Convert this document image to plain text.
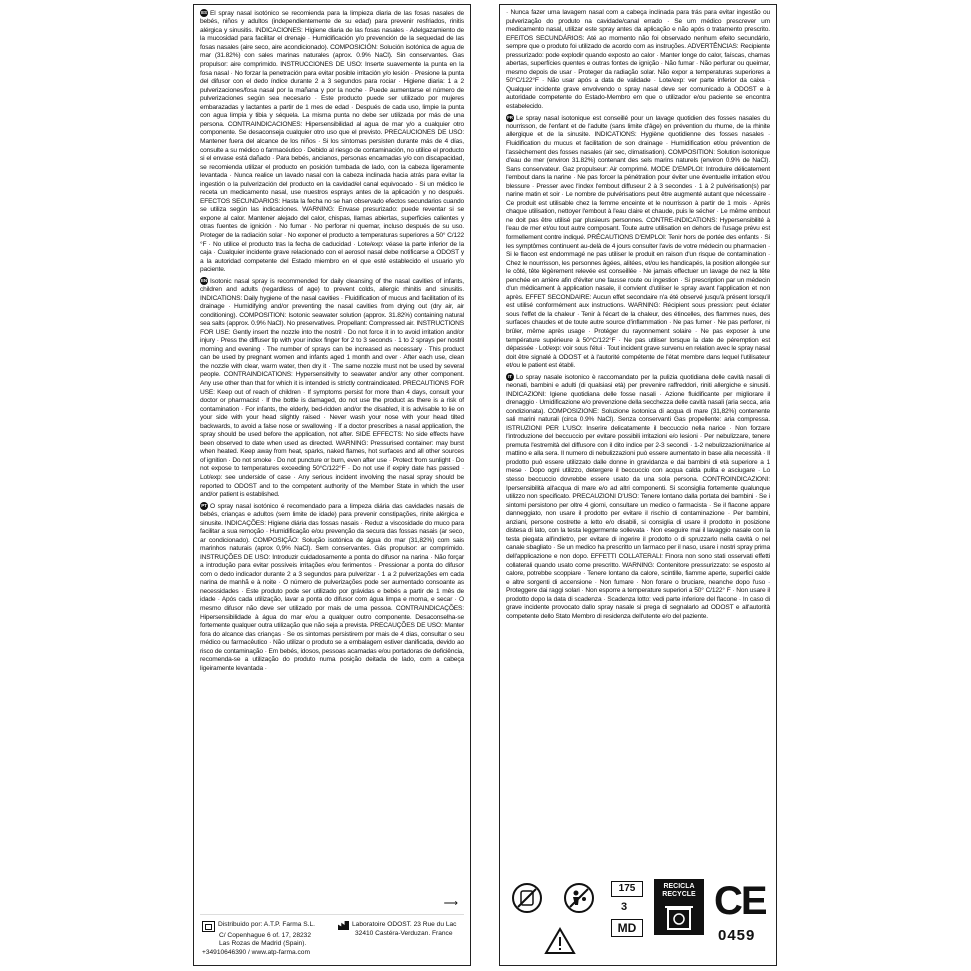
ES El spray nasal isotónico se recomienda para la limpieza diaria de las fosas nasales de bebés, niños y adultos (independientemente de su edad) para prevenir resfriados, rinitis alérgica y sinusitis. INDICACIONES: Higiene diaria de las fosas nasales · Adelgazamiento de la mucosidad para facilitar el drenaje · Humidificación y/o prevención de la sequedad de las fosas nasales (aire seco, aire acondicionado). COMPOSICIÓN: Solución isotónica de agua de mar (31.82%) con sales marinas naturales (aprox. 0.9% NaCl). Sin conservantes. Gas propulsor: aire comprimido. INSTRUCCIONES DE USO: Inserte suavemente la punta en la fosa nasal · No forzar la penetración para evitar posible irritación y/o lesión · Presione la punta del difusor con el dedo índice durante 2 a 3 segundos para rociar · Higiene diaria: 1 a 2 pulverizaciones/fosa nasal por la mañana y por la noche · Puede aumentarse el número de pulverizaciones según sea necesario · Este producto puede ser utilizado por mujeres embarazadas y lactantes a partir de 1 mes de edad · Después de cada uso, limpie la punta con agua limpia y tibia y séquela. La misma punta no debe ser utilizada por más de una persona. CONTRAINDICACIONES: Hipersensibilidad al agua de mar y/o a cualquier otro componente. Se desaconseja cualquier otro uso que el previsto. PRECAUCIONES DE USO: Mantener fuera del alcance de los niños · Si los síntomas persisten durante más de 4 días, consulte a su médico o farmacéutico · Debido al riesgo de contaminación, no utilice el producto si el envase está dañado · Para bebés, ancianos, personas encamadas y/o con discapacidad, se recomienda utilizar el producto en posición tumbada de lado, con la cabeza ligeramente levantada · Nunca realice un lavado nasal con la cabeza inclinada hacia atrás para evitar la ingestión o la pulverización del producto en la cavidad/el canal equivocado · Si un médico le receta un medicamento nasal, use nuestros esprays antes de la aplicación y no después. EFECTOS SECUNDARIOS: Hasta la fecha no se han observado efectos secundarios cuando se utiliza según las indicaciones. WARNING: Envase presurizado: puede reventar si se expone al calor. Mantener alejado del calor, chispas, llamas abiertas, superficies calientes y otras fuentes de ignición · No fumar · No perforar ni quemar, incluso después de su uso. Proteger de la radiación solar · No exponer el producto a temperaturas superiores a 50° C/122 °F · No utilice el producto tras la fecha de caducidad · Lote/exp: véase la parte inferior de la caja · Cualquier incidente grave relacionado con el aerosol nasal debe notificarse a ODOST y a la autoridad competente del Estado miembro en el que esté establecido el usuario y/o paciente.

EN Isotonic nasal spray is recommended for daily cleansing of the nasal cavities of infants, children and adults (regardless of age) to prevent colds, allergic rhinitis and sinusitis. INDICATIONS: Daily hygiene of the nasal cavities · Fluidification of mucus and facilitation of its drainage · Humidifying and/or preventing the nasal cavities from drying out (dry air, air conditioning). COMPOSITION: Isotonic seawater solution (approx. 31.82%) containing natural sea salts (approx. 0.9% NaCl). No preservatives. Propellant: Compressed air. INSTRUCTIONS FOR USE: Gently insert the nozzle into the nostril · Do not force it in to avoid irritation and/or injury · Press the diffuser tip with your index finger for 2 to 3 seconds · 1 to 2 sprays per nostril morning and evening · The number of sprays can be increased as necessary · This product can be used by pregnant women and infants aged 1 month and over · After each use, clean the nozzle with clear, warm water, then dry it · The same nozzle must not be used by several people. CONTRAINDICATIONS: Hypersensitivity to seawater and/or any other component. Any use other than that for which it is intended is strictly contraindicated. PRECAUTIONS FOR USE: Keep out of reach of children · If symptoms persist for more than 4 days, consult your doctor or pharmacist · If the bottle is damaged, do not use the product as there is a risk of contamination · For infants, the elderly, bed-ridden and/or the disabled, it is advisable to lie on your side with your head slightly raised · Never wash your nose with your head tilted backwards, to avoid a false nose or swallowing · If a doctor prescribes a nasal application, the spray should be used before the application, not after. SIDE EFFECTS: No side effects have been observed to date when used as directed. WARNING: Pressurised container: may burst when heated. Keep away from heat, sparks, naked flames, hot surfaces and all other sources of ignition · Do not smoke · Do not puncture or burn, even after use · Protect from sunlight · Do not expose to temperatures exceeding 50°C/122°F · Do not use if expiry date has passed · Lot/exp: see underside of case · Any serious incident involving the nasal spray should be reported to ODOST and to the competent authority of the Member State in which the user and/or patient is established.

PT O spray nasal isotónico é recomendado para a limpeza diária das cavidades nasais de bebés, crianças e adultos (sem limite de idade) para prevenir constipações, rinite alérgica e sinusite. INDICAÇÕES: Higiene diária das fossas nasais · Reduz a viscosidade do muco para facilitar a sua remoção · Humidificação e/ou prevenção da secura das fossas nasais (ar seco, ar condicionado). COMPOSIÇÃO: Solução isotónica de água do mar (31,82%) com sais marinhos naturais (aprox 0,9% NaCl). Sem conservantes. Gás propulsor: ar comprimido. INSTRUÇÕES DE USO: Introduzir cuidadosamente a ponta do difusor na narina · Não forçar a introdução para evitar possíveis irritações e/ou ferimentos · Pressionar a ponta do difusor com o dedo indicador durante 2 a 3 segundos para pulverizar · 1 a 2 pulverizações em cada narina de manhã e à noite · O número de pulverizações pode ser aumentado consoante as necessidades · Este produto pode ser utilizado por grávidas e bebés a partir de 1 mês de idade · Após cada utilização, lavar a ponta do difusor com água limpa e morna, e secar · O mesmo difusor não deve ser utilizado por mais de uma pessoa. CONTRAINDICAÇÕES: Hipersensibilidade à água do mar e/ou a qualquer outro componente. Desaconselha-se fortemente qualquer outra utilização que não seja a prevista. PRECAUÇÕES DE USO: Manter fora do alcance das crianças · Se os sintomas persistirem por mais de 4 dias, consultar o seu médico ou farmacêutico · Não utilizar o produto se a embalagem estiver danificada, devido ao risco de contaminação · Em bebés, idosos, pessoas acamadas e/ou portadoras de deficiência, recomenda-se a utilização do produto numa posição deitada de lado, com a cabeça ligeiramente levantada ·

⟶
Distribuido por: A.T.P. Farma S.L.
C/ Copenhague 6 of. 17, 28232
Las Rozas de Madrid (Spain).
+34910646390 / www.atp-farma.com
Laboratoire ODOST. 23 Rue du Lac
32410 Castéra-Verduzan. France

· Nunca fazer uma lavagem nasal com a cabeça inclinada para trás para evitar ingestão ou pulverização do produto na cavidade/canal errado · Se um médico prescrever um medicamento nasal, utilizar este spray antes da aplicação e não após o tratamento prescrito. EFEITOS SECUNDÁRIOS: Até ao momento não foi observado nenhum efeito secundário, sempre que o produto foi utilizado de acordo com as instruções. ADVERTÊNCIAS: Recipiente pressurizado: pode explodir quando exposto ao calor · Manter longe do calor, faíscas, chamas abertas, superfícies quentes e outras fontes de ignição · Não fumar · Não perfurar ou queimar, mesmo depois de usar · Proteger da radiação solar. Não expor a temperaturas superiores a 50°C/122°F · Não usar após a data de validade · Lote/exp: ver parte inferior da caixa · Qualquer incidente grave envolvendo o spray nasal deve ser comunicado à ODOST e à autoridade competente do Estado-Membro em que o utilizador e/ou paciente se encontra estabelecido.

FR Le spray nasal isotonique est conseillé pour un lavage quotidien des fosses nasales du nourrisson, de l'enfant et de l'adulte (sans limite d'âge) en prévention du rhume, de la rhinite allergique et de la sinusite. INDICATIONS: Hygiène quotidienne des fosses nasales · Fluidification du mucus et facilitation de son drainage · Humidification et/ou prévention de l'assèchement des fosses nasales (air sec, climatisation). COMPOSITION: Solution isotonique d'eau de mer (environ 31.82%) contenant des sels marins naturels (environ 0.9% de NaCl). Sans conservateur. Gaz propulseur: Air comprimé. MODE D'EMPLOI: Introduire délicatement l'embout dans la narine · Ne pas forcer la pénétration pour éviter une éventuelle irritation et/ou blessure · Presser avec l'index l'embout diffuseur 2 à 3 secondes · 1 à 2 pulvérisation(s) par narine matin et soir · Le nombre de pulvérisations peut être augmenté autant que nécessaire · Ce produit est utilisable chez la femme enceinte et le nourrisson à partir de 1 mois · Après chaque utilisation, nettoyer l'embout à l'eau claire et chaude, puis le sécher · Le même embout ne doit pas être utilisé par plusieurs personnes. CONTRE-INDICATIONS: Hypersensibilité à l'eau de mer et/ou tout autre composant. Toute autre utilisation en dehors de l'usage prévu est formellement contre indiqué. PRÉCAUTIONS D'EMPLOI: Tenir hors de portée des enfants · Si les symptômes continuent au-delà de 4 jours consulter l'avis de votre médecin ou pharmacien · Si le flacon est endommagé ne pas utiliser le produit en raison d'un risque de contamination · Chez le nourrisson, les personnes âgées, alitées, et/ou les handicapés, la position allongée sur le côté, tête légèrement relevée est conseillée · Ne jamais effectuer un lavage de nez la tête penchée en arrière afin d'éviter une fausse route ou ingestion · Si prescription par un médecin d'un médicament à application nasale, il convient d'utiliser le spray avant l'application et non après. EFFET SECONDAIRE: Aucun effet secondaire n'a été observé jusqu'à présent lorsqu'il est utilisé conformément aux instructions. WARNING: Récipient sous pression: peut éclater sous l'effet de la chaleur · Tenir à l'écart de la chaleur, des étincelles, des flammes nues, des surfaces chaudes et de toute autre source d'inflammation · Ne pas fumer · Ne pas perforer, ni brûler, même après usage · Protéger du rayonnement solaire · Ne pas exposer à une température supérieure à 50°C/122°F · Ne pas utiliser lorsque la date de péremption est dépassée · Lot/exp: voir sous l'étui · Tout incident grave survenu en relation avec le spray nasal doit être signalé à ODOST et à l'autorité compétente de l'état membre dans lequel l'utilisateur et/ou le patient est établi.

IT Lo spray nasale isotonico è raccomandato per la pulizia quotidiana delle cavità nasali di neonati, bambini e adulti (di qualsiasi età) per prevenire raffreddori, riniti allergiche e sinusiti. INDICAZIONI: Igiene quotidiana delle fosse nasali · Azione fluidificante per migliorare il drenaggio · Umidificazione e/o prevenzione della secchezza delle cavità nasali (aria secca, aria condizionata). COMPOSIZIONE: Soluzione isotonica di acqua di mare (31,82%) contenente sali marini naturali (circa 0.9% NaCl). Senza conservanti Gas propellente: aria compressa. ISTRUZIONI PER L'USO: Inserire delicatamente il beccuccio nella narice · Non forzare l'introduzione del beccuccio per evitare possibili irritazioni e/o lesioni · Per nebulizzare, tenere premuta l'estremità del diffusore con il dito indice per 2-3 secondi · 1-2 nebulizzazioni/narice al mattino e alla sera. Il numero di nebulizzazioni può essere aumentato in base alla necessità · Il prodotto può essere utilizzato dalle donne in gravidanza e dai bambini di età superiore a 1 mese · Dopo ogni utilizzo, detergere il beccuccio con acqua calda pulita e asciugare · Lo stesso beccuccio dovrebbe essere usato da una sola persona. CONTROINDICAZIONI: Ipersensibilità all'acqua di mare e/o ad altri componenti. Si sconsiglia fortemente qualunque utilizzo non specificato. PRECAUZIONI D'USO: Tenere lontano dalla portata dei bambini · Se i sintomi persistono per oltre 4 giorni, consultare un medico o farmacista · Se il flacone appare danneggiato, non usare il prodotto per evitare il rischio di contaminazione · Per bambini, anziani, persone costrette a letto e/o disabili, si consiglia di usare il prodotto in posizione distesa di lato, con la testa leggermente sollevata · Non eseguire mai il lavaggio nasale con la testa piegata all'indietro, per evitare di ingerire il prodotto o di spruzzarlo nella cavità o nel canale sbagliato · Se un medico ha prescritto un farmaco per il naso, usare i nostri spray prima dell'applicazione e non dopo. EFFETTI COLLATERALI: Finora non sono stati osservati effetti collaterali quando usato come prescritto. WARNING: Contenitore pressurizzato: se esposto al calore, potrebbe scoppiare · Tenere lontano da calore, scintille, fiamme aperte, superfici calde e altre sorgenti di accensione · Non fumare · Non forare o bruciare, neanche dopo l'uso · Proteggere dai raggi solari · Non esporre a temperature superiori a 50° C/122° F · Non usare il prodotto dopo la data di scadenza · Scadenza lotto: vedi parte inferiore del flacone · In caso di grave incidente provocato dallo spray nasale si prega di segnalarlo ad ODOST e all'autorità competente dello Stato Membro di residenza dell'utente e/o del paziente.

175
3
MD
RECICLA
RECYCLE CE
0459
